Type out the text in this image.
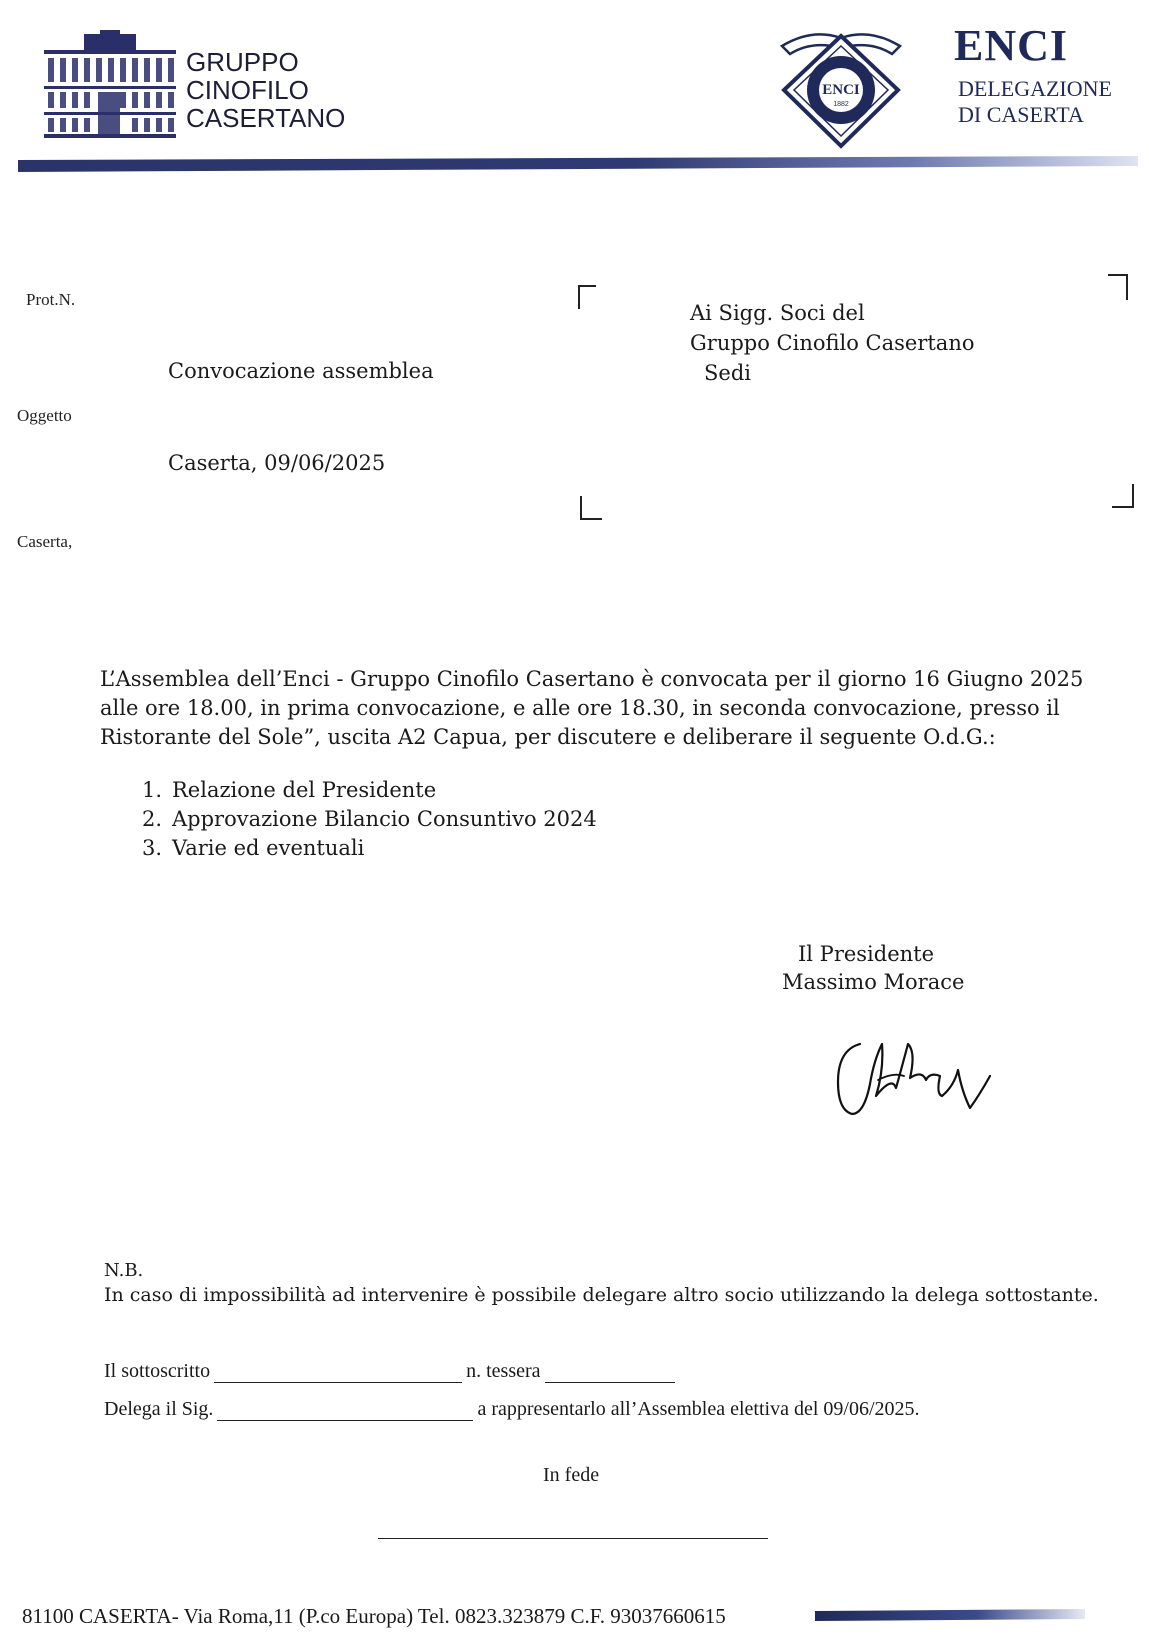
GRUPPO
CINOFILO
CASERTANO
ENCI
1882
ENCI
DELEGAZIONE
DI CASERTA
Prot.N.
Oggetto
Caserta,
Convocazione assemblea
Caserta, 09/06/2025
Ai Sigg. Soci del
Gruppo Cinofilo Casertano
Sedi
L’Assemblea dell’Enci - Gruppo Cinofilo Casertano è convocata per il giorno 16 Giugno 2025
alle ore 18.00, in prima convocazione, e alle ore 18.30, in seconda convocazione, presso il
Ristorante del Sole”, uscita A2 Capua, per discutere e deliberare il seguente O.d.G.:
1. Relazione del Presidente
2. Approvazione Bilancio Consuntivo 2024
3. Varie ed eventuali
Il Presidente
Massimo Morace
N.B.
In caso di impossibilità ad intervenire è possibile delegare altro socio utilizzando la delega sottostante.
Il sottoscritto	n. tessera
Delega il Sig.	a rappresentarlo all’Assemblea elettiva del 09/06/2025.
In fede
81100 CASERTA- Via Roma,11 (P.co Europa) Tel. 0823.323879 C.F. 93037660615
